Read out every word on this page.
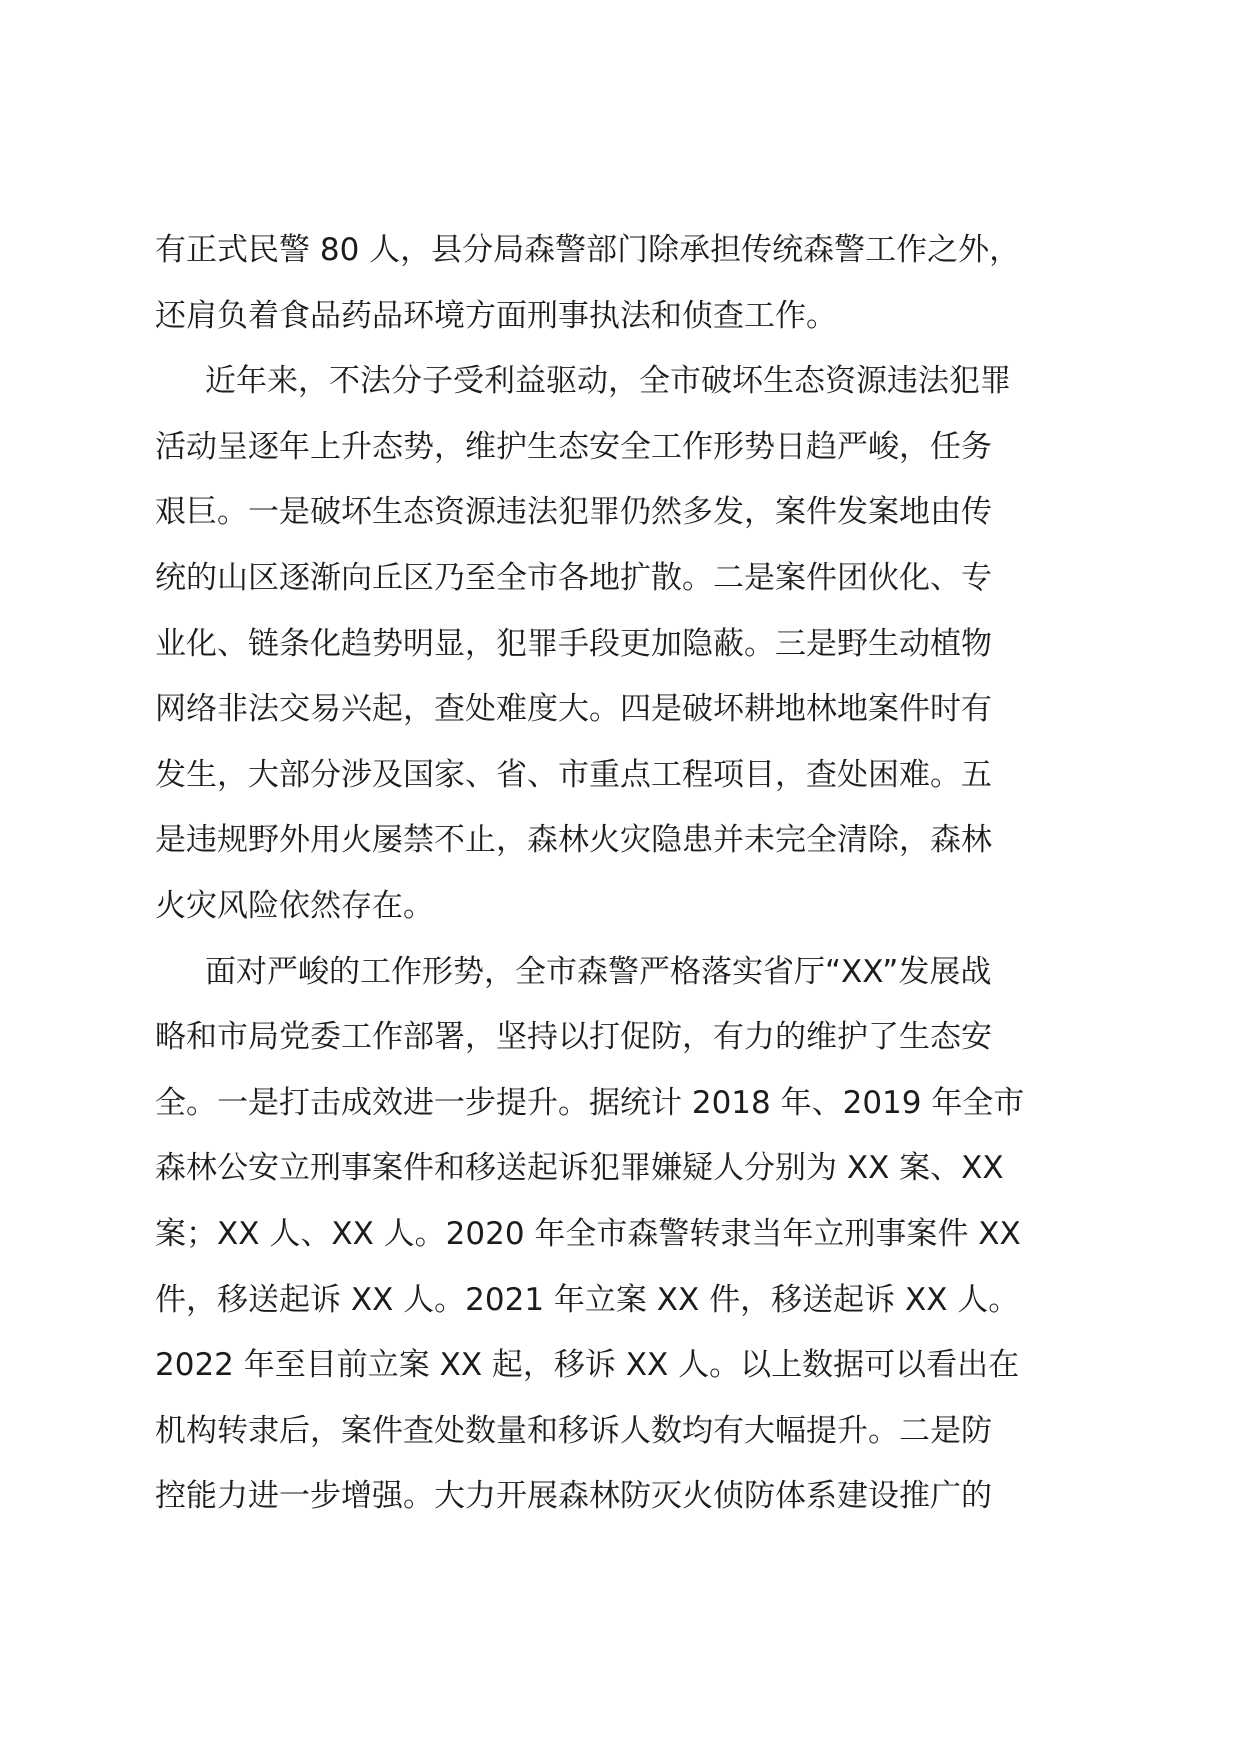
有正式民警 80 人，县分局森警部门除承担传统森警工作之外，
还肩负着食品药品环境方面刑事执法和侦查工作。
近年来，不法分子受利益驱动，全市破坏生态资源违法犯罪
活动呈逐年上升态势，维护生态安全工作形势日趋严峻，任务
艰巨。一是破坏生态资源违法犯罪仍然多发，案件发案地由传
统的山区逐渐向丘区乃至全市各地扩散。二是案件团伙化、专
业化、链条化趋势明显，犯罪手段更加隐蔽。三是野生动植物
网络非法交易兴起，查处难度大。四是破坏耕地林地案件时有
发生，大部分涉及国家、省、市重点工程项目，查处困难。五
是违规野外用火屡禁不止，森林火灾隐患并未完全清除，森林
火灾风险依然存在。
面对严峻的工作形势，全市森警严格落实省厅“XX”发展战
略和市局党委工作部署，坚持以打促防，有力的维护了生态安
全。一是打击成效进一步提升。据统计 2018 年、2019 年全市
森林公安立刑事案件和移送起诉犯罪嫌疑人分别为 XX 案、XX
案；XX 人、XX 人。2020 年全市森警转隶当年立刑事案件 XX
件，移送起诉 XX 人。2021 年立案 XX 件，移送起诉 XX 人。
2022 年至目前立案 XX 起，移诉 XX 人。以上数据可以看出在
机构转隶后，案件查处数量和移诉人数均有大幅提升。二是防
控能力进一步增强。大力开展森林防灭火侦防体系建设推广的
